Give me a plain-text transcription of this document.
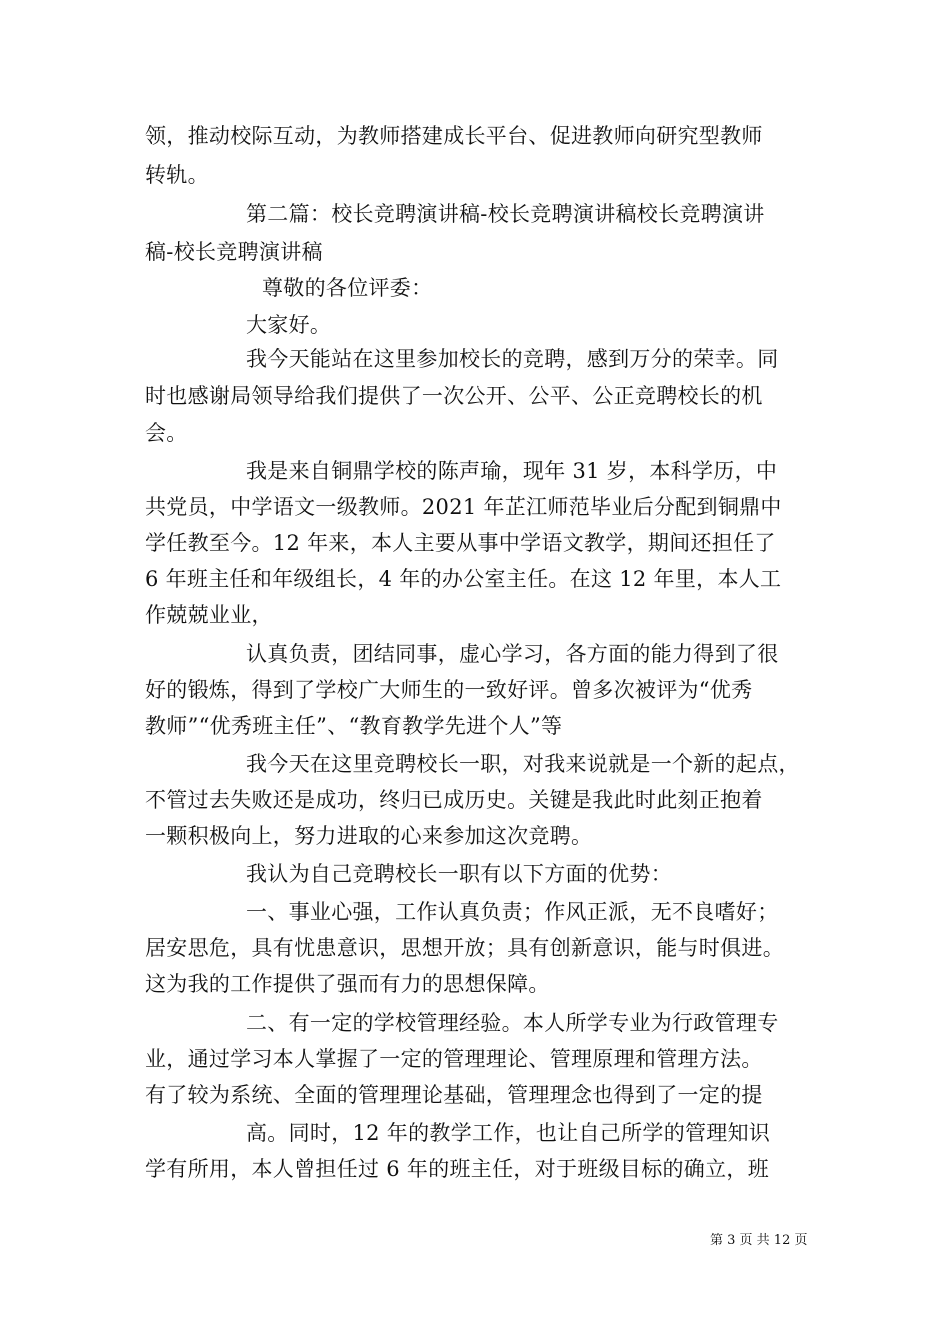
领，推动校际互动，为教师搭建成长平台、促进教师向研究型教师
转轨。
第二篇：校长竞聘演讲稿-校长竞聘演讲稿校长竞聘演讲
稿-校长竞聘演讲稿
尊敬的各位评委：
大家好。
我今天能站在这里参加校长的竞聘，感到万分的荣幸。同
时也感谢局领导给我们提供了一次公开、公平、公正竞聘校长的机
会。
我是来自铜鼎学校的陈声瑜，现年 31 岁，本科学历，中
共党员，中学语文一级教师。2021 年芷江师范毕业后分配到铜鼎中
学任教至今。12 年来，本人主要从事中学语文教学，期间还担任了
6 年班主任和年级组长，4 年的办公室主任。在这 12 年里，本人工
作兢兢业业，
认真负责，团结同事，虚心学习，各方面的能力得到了很
好的锻炼，得到了学校广大师生的一致好评。曾多次被评为“优秀
教师”“优秀班主任”、“教育教学先进个人”等
我今天在这里竞聘校长一职，对我来说就是一个新的起点，
不管过去失败还是成功，终归已成历史。关键是我此时此刻正抱着
一颗积极向上，努力进取的心来参加这次竞聘。
我认为自己竞聘校长一职有以下方面的优势：
一、事业心强，工作认真负责；作风正派，无不良嗜好；
居安思危，具有忧患意识，思想开放；具有创新意识，能与时俱进。
这为我的工作提供了强而有力的思想保障。
二、有一定的学校管理经验。本人所学专业为行政管理专
业，通过学习本人掌握了一定的管理理论、管理原理和管理方法。
有了较为系统、全面的管理理论基础，管理理念也得到了一定的提
高。同时，12 年的教学工作，也让自己所学的管理知识
学有所用，本人曾担任过 6 年的班主任，对于班级目标的确立，班
第 3 页 共 12 页
